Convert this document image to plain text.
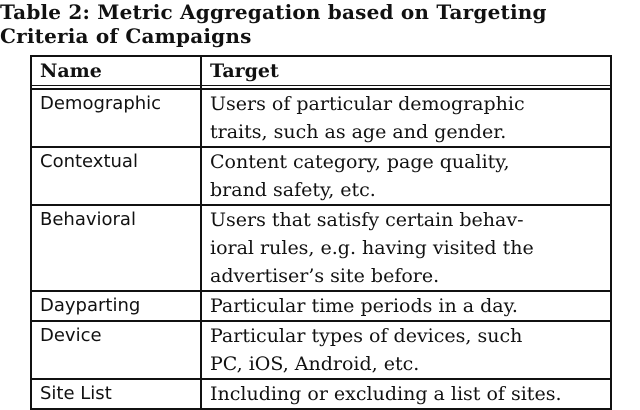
Table 2: Metric Aggregation based on Targeting
Criteria of Campaigns
Name	Target

Demographic	Users of particular demographic
traits, such as age and gender.

Contextual	Content category, page quality,
brand safety, etc.

Behavioral	Users that satisfy certain behav-
ioral rules, e.g. having visited the
advertiser’s site before.

Dayparting	Particular time periods in a day.

Device	Particular types of devices, such
PC, iOS, Android, etc.

Site List	Including or excluding a list of sites.
